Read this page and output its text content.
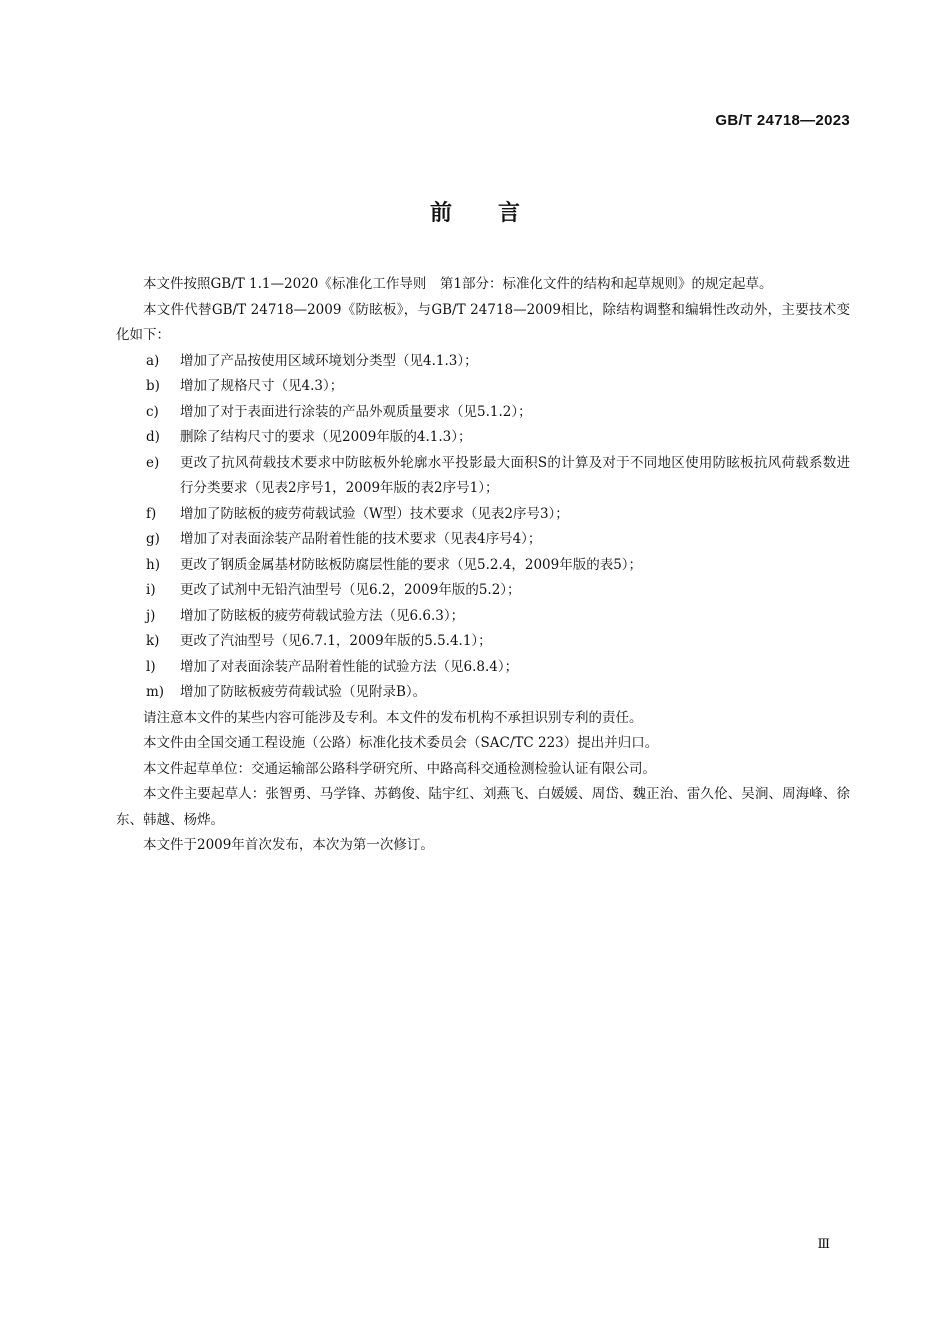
GB/T 24718—2023
前言

本文件按照GB/T 1.1—2020《标准化工作导则　第1部分：标准化文件的结构和起草规则》的规定起草。

本文件代替GB/T 24718—2009《防眩板》，与GB/T 24718—2009相比，除结构调整和编辑性改动外，主要技术变化如下：

a)	增加了产品按使用区域环境划分类型（见4.1.3）；
b)	增加了规格尺寸（见4.3）；
c)	增加了对于表面进行涂装的产品外观质量要求（见5.1.2）；
d)	删除了结构尺寸的要求（见2009年版的4.1.3）；
e)	更改了抗风荷载技术要求中防眩板外轮廓水平投影最大面积S的计算及对于不同地区使用防眩板抗风荷载系数进行分类要求（见表2序号1，2009年版的表2序号1）；
f)	增加了防眩板的疲劳荷载试验（W型）技术要求（见表2序号3）；
g)	增加了对表面涂装产品附着性能的技术要求（见表4序号4）；
h)	更改了钢质金属基材防眩板防腐层性能的要求（见5.2.4，2009年版的表5）；
i)	更改了试剂中无铅汽油型号（见6.2，2009年版的5.2）；
j)	增加了防眩板的疲劳荷载试验方法（见6.6.3）；
k)	更改了汽油型号（见6.7.1，2009年版的5.5.4.1）；
l)	增加了对表面涂装产品附着性能的试验方法（见6.8.4）；
m)	增加了防眩板疲劳荷载试验（见附录B）。

请注意本文件的某些内容可能涉及专利。本文件的发布机构不承担识别专利的责任。

本文件由全国交通工程设施（公路）标准化技术委员会（SAC/TC 223）提出并归口。

本文件起草单位：交通运输部公路科学研究所、中路高科交通检测检验认证有限公司。

本文件主要起草人：张智勇、马学锋、苏鹤俊、陆宇红、刘燕飞、白媛媛、周岱、魏正治、雷久伦、吴涧、周海峰、徐东、韩越、杨烨。

本文件于2009年首次发布，本次为第一次修订。

Ⅲ
